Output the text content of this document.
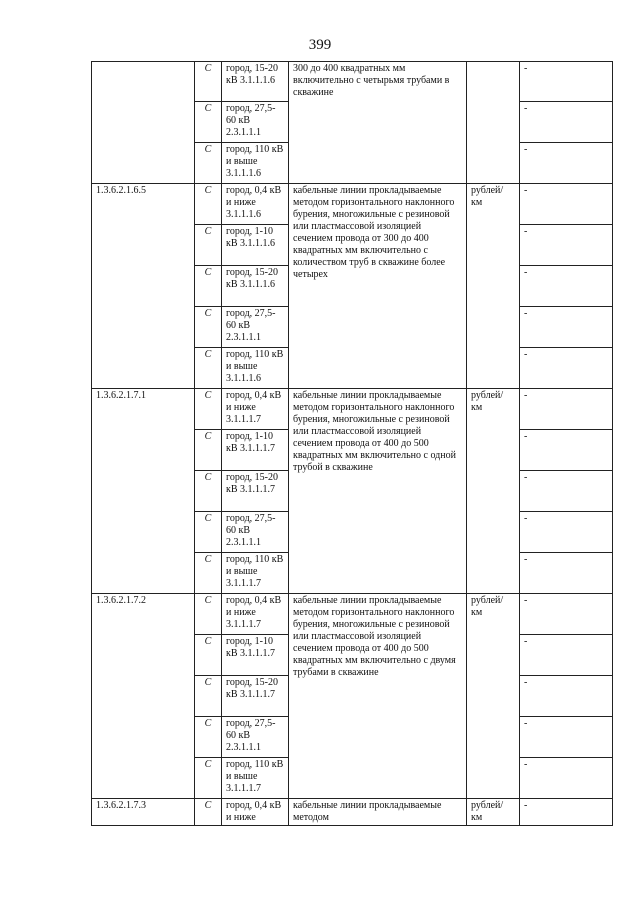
399
	C	город, 15-20 кВ 3.1.1.1.6	300 до 400 квадратных мм включительно с четырьмя трубами в скважине		-
	C	город, 27,5-60 кВ 2.3.1.1.1			-
	C	город, 110 кВ и выше 3.1.1.1.6			-
1.3.6.2.1.6.5	C	город, 0,4 кВ и ниже 3.1.1.1.6	кабельные линии прокладываемые методом горизонтального наклонного бурения, многожильные с резиновой или пластмассовой изоляцией сечением провода от 300 до 400 квадратных мм включительно с количеством труб в скважине более четырех	рублей/ км	-
	C	город, 1-10 кВ 3.1.1.1.6			-
	C	город, 15-20 кВ 3.1.1.1.6			-
	C	город, 27,5-60 кВ 2.3.1.1.1			-
	C	город, 110 кВ и выше 3.1.1.1.6			-
1.3.6.2.1.7.1	C	город, 0,4 кВ и ниже 3.1.1.1.7	кабельные линии прокладываемые методом горизонтального наклонного бурения, многожильные с резиновой или пластмассовой изоляцией сечением провода от 400 до 500 квадратных мм включительно с одной трубой в скважине	рублей/ км	-
	C	город, 1-10 кВ 3.1.1.1.7			-
	C	город, 15-20 кВ 3.1.1.1.7			-
	C	город, 27,5-60 кВ 2.3.1.1.1			-
	C	город, 110 кВ и выше 3.1.1.1.7			-
1.3.6.2.1.7.2	C	город, 0,4 кВ и ниже 3.1.1.1.7	кабельные линии прокладываемые методом горизонтального наклонного бурения, многожильные с резиновой или пластмассовой изоляцией сечением провода от 400 до 500 квадратных мм включительно с двумя трубами в скважине	рублей/ км	-
	C	город, 1-10 кВ 3.1.1.1.7			-
	C	город, 15-20 кВ 3.1.1.1.7			-
	C	город, 27,5-60 кВ 2.3.1.1.1			-
	C	город, 110 кВ и выше 3.1.1.1.7			-
1.3.6.2.1.7.3	C	город, 0,4 кВ и ниже	кабельные линии прокладываемые методом	рублей/ км	-
